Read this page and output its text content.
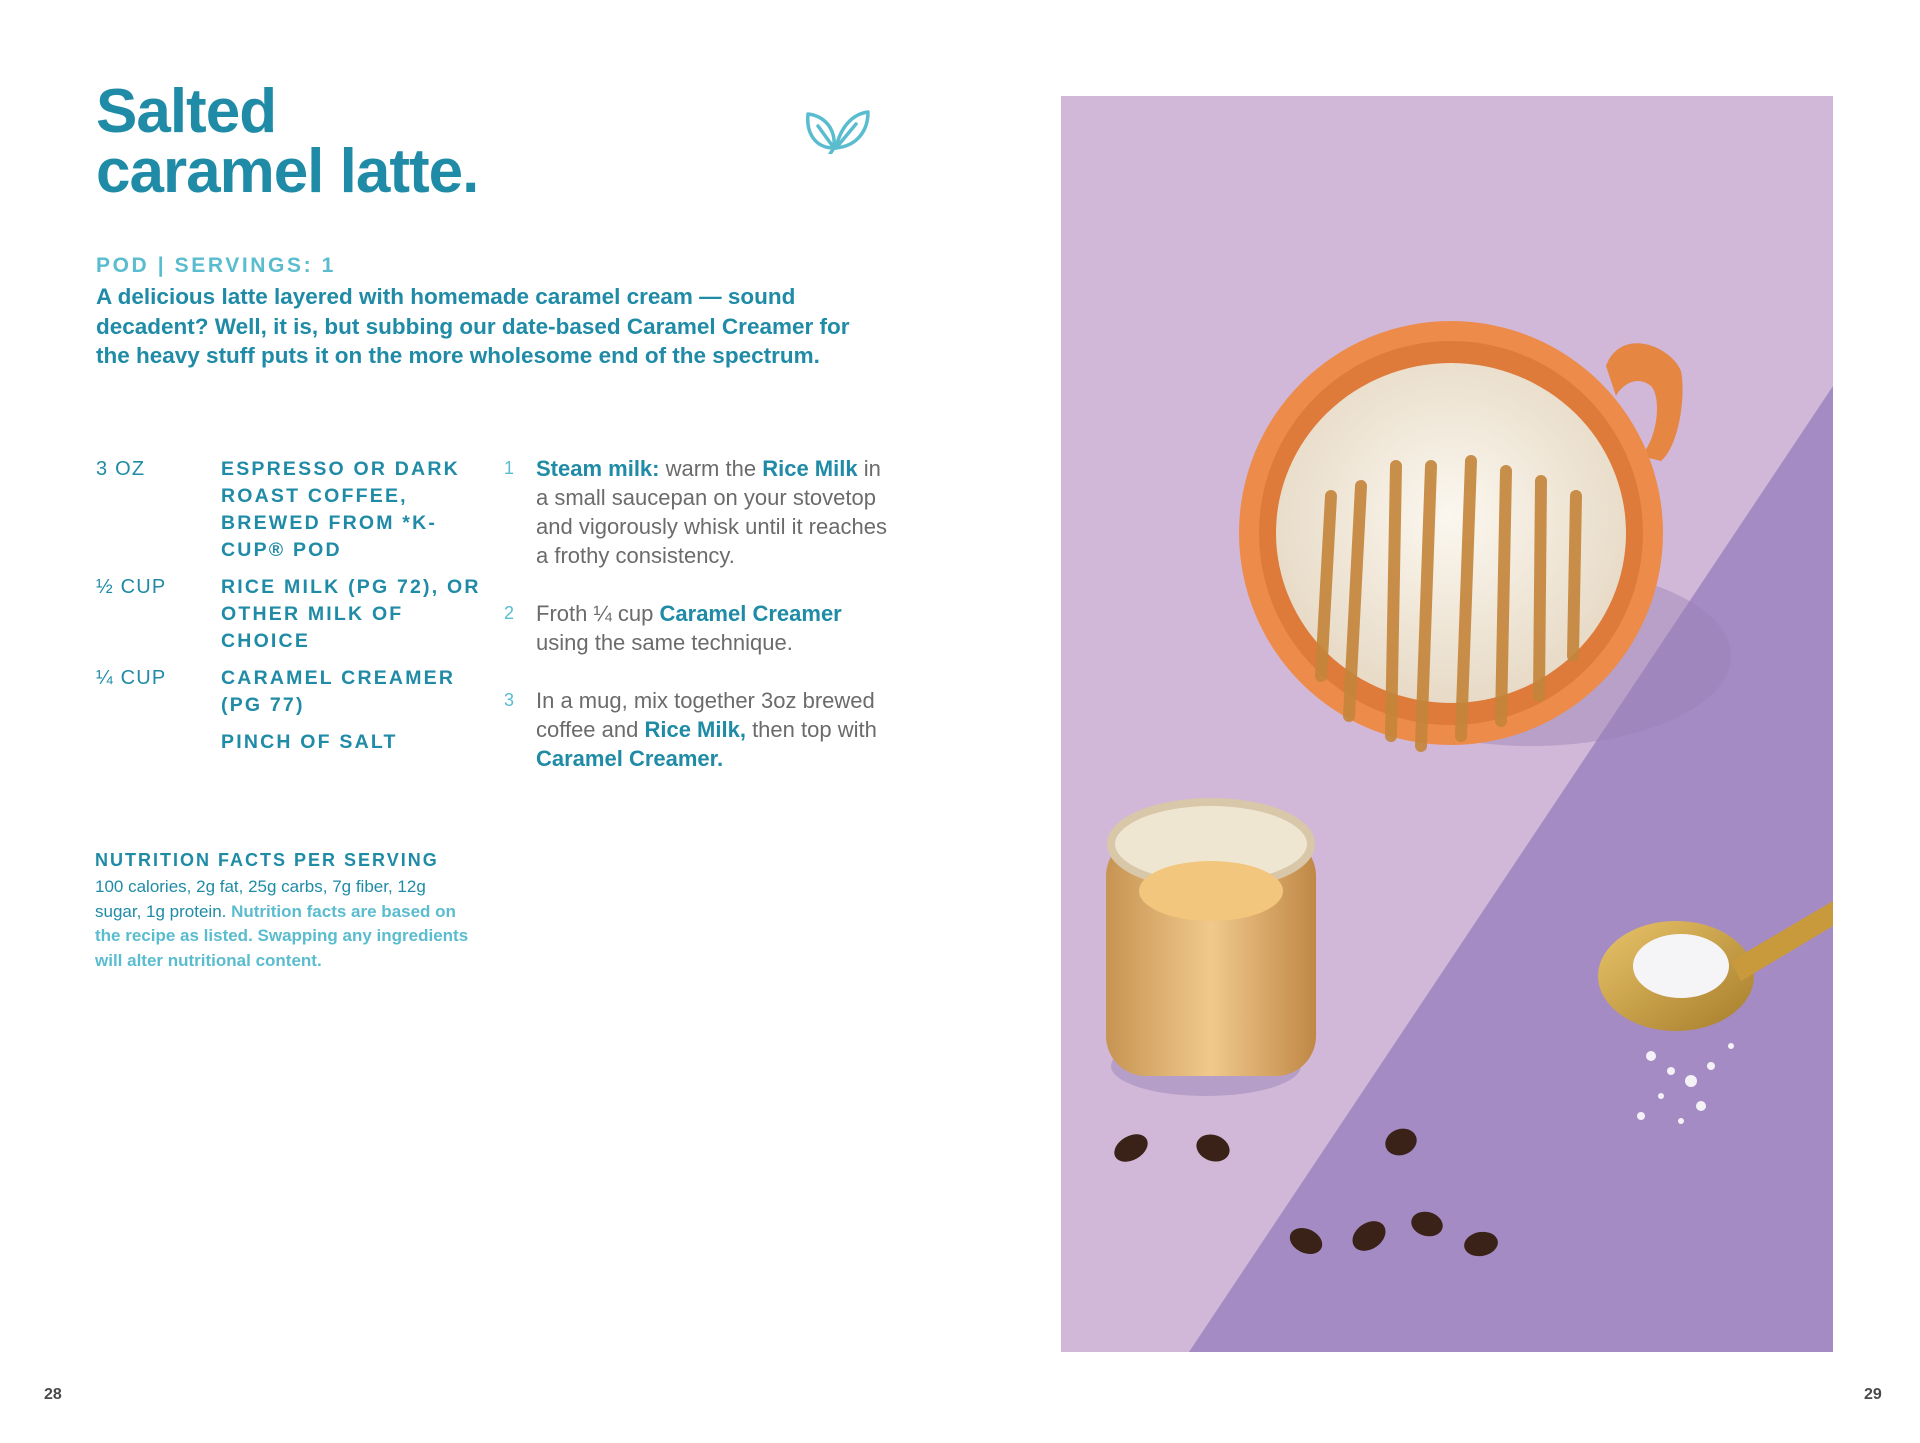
Salted
caramel latte.
POD | SERVINGS: 1

A delicious latte layered with homemade caramel cream — sound decadent? Well, it is, but subbing our date-based Caramel Creamer for the heavy stuff puts it on the more wholesome end of the spectrum.

3 OZ	ESPRESSO OR DARK ROAST COFFEE, BREWED FROM *K-CUP® POD
½ CUP	RICE MILK (PG 72), OR OTHER MILK OF CHOICE
¼ CUP	CARAMEL CREAMER (PG 77)
PINCH OF SALT
1 Steam milk: warm the Rice Milk in a small saucepan on your stovetop and vigorously whisk until it reaches a frothy consistency.
2 Froth ¼ cup Caramel Creamer using the same technique.
3 In a mug, mix together 3oz brewed coffee and Rice Milk, then top with Caramel Creamer.
NUTRITION FACTS PER SERVING
100 calories, 2g fat, 25g carbs, 7g fiber, 12g sugar, 1g protein. Nutrition facts are based on the recipe as listed. Swapping any ingredients will alter nutritional content.
28	29
